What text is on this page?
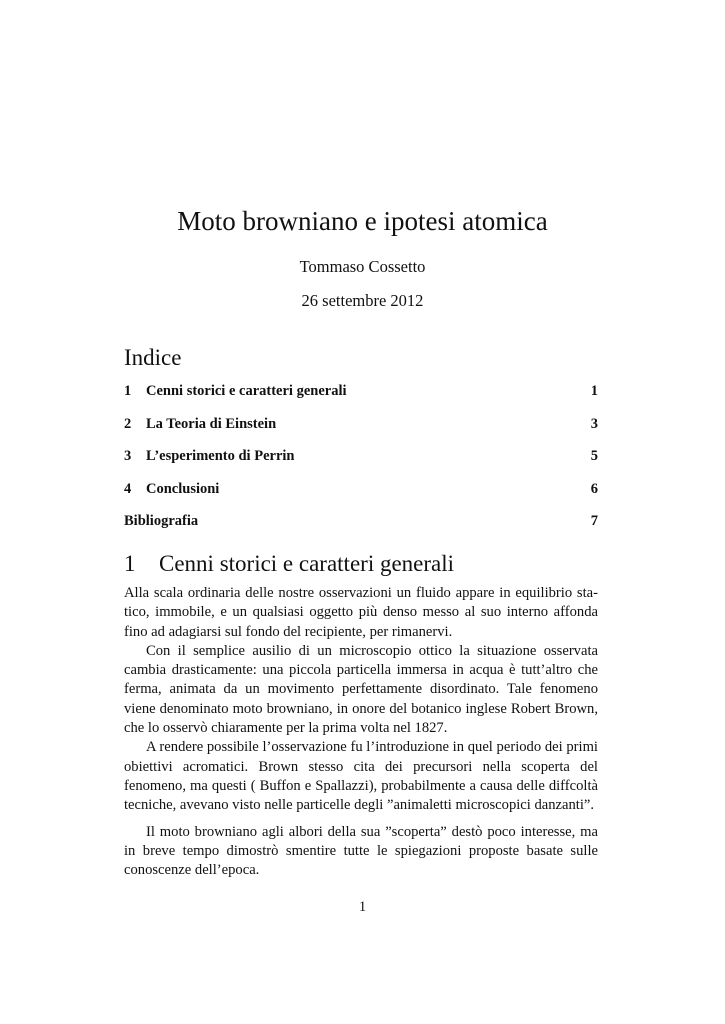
Moto browniano e ipotesi atomica
Tommaso Cossetto
26 settembre 2012
Indice
1	Cenni storici e caratteri generali	1
2	La Teoria di Einstein	3
3	L’esperimento di Perrin	5
4	Conclusioni	6
Bibliografia	7
1 Cenni storici e caratteri generali

Alla scala ordinaria delle nostre osservazioni un fluido appare in equilibrio statico, immobile, e un qualsiasi oggetto più denso messo al suo interno affonda fino ad adagiarsi sul fondo del recipiente, per rimanervi.

Con il semplice ausilio di un microscopio ottico la situazione osservata cambia drasticamente: una piccola particella immersa in acqua è tutt’altro che ferma, animata da un movimento perfettamente disordinato. Tale fenomeno viene denominato moto browniano, in onore del botanico inglese Robert Brown, che lo osservò chiaramente per la prima volta nel 1827.

A rendere possibile l’osservazione fu l’introduzione in quel periodo dei primi obiettivi acromatici. Brown stesso cita dei precursori nella scoperta del fenomeno, ma questi ( Buffon e Spallazzi), probabilmente a causa delle diffcoltà tecniche, avevano visto nelle particelle degli ”animaletti microscopici danzanti”.

Il moto browniano agli albori della sua ”scoperta” destò poco interesse, ma in breve tempo dimostrò smentire tutte le spiegazioni proposte basate sulle conoscenze dell’epoca.

1
